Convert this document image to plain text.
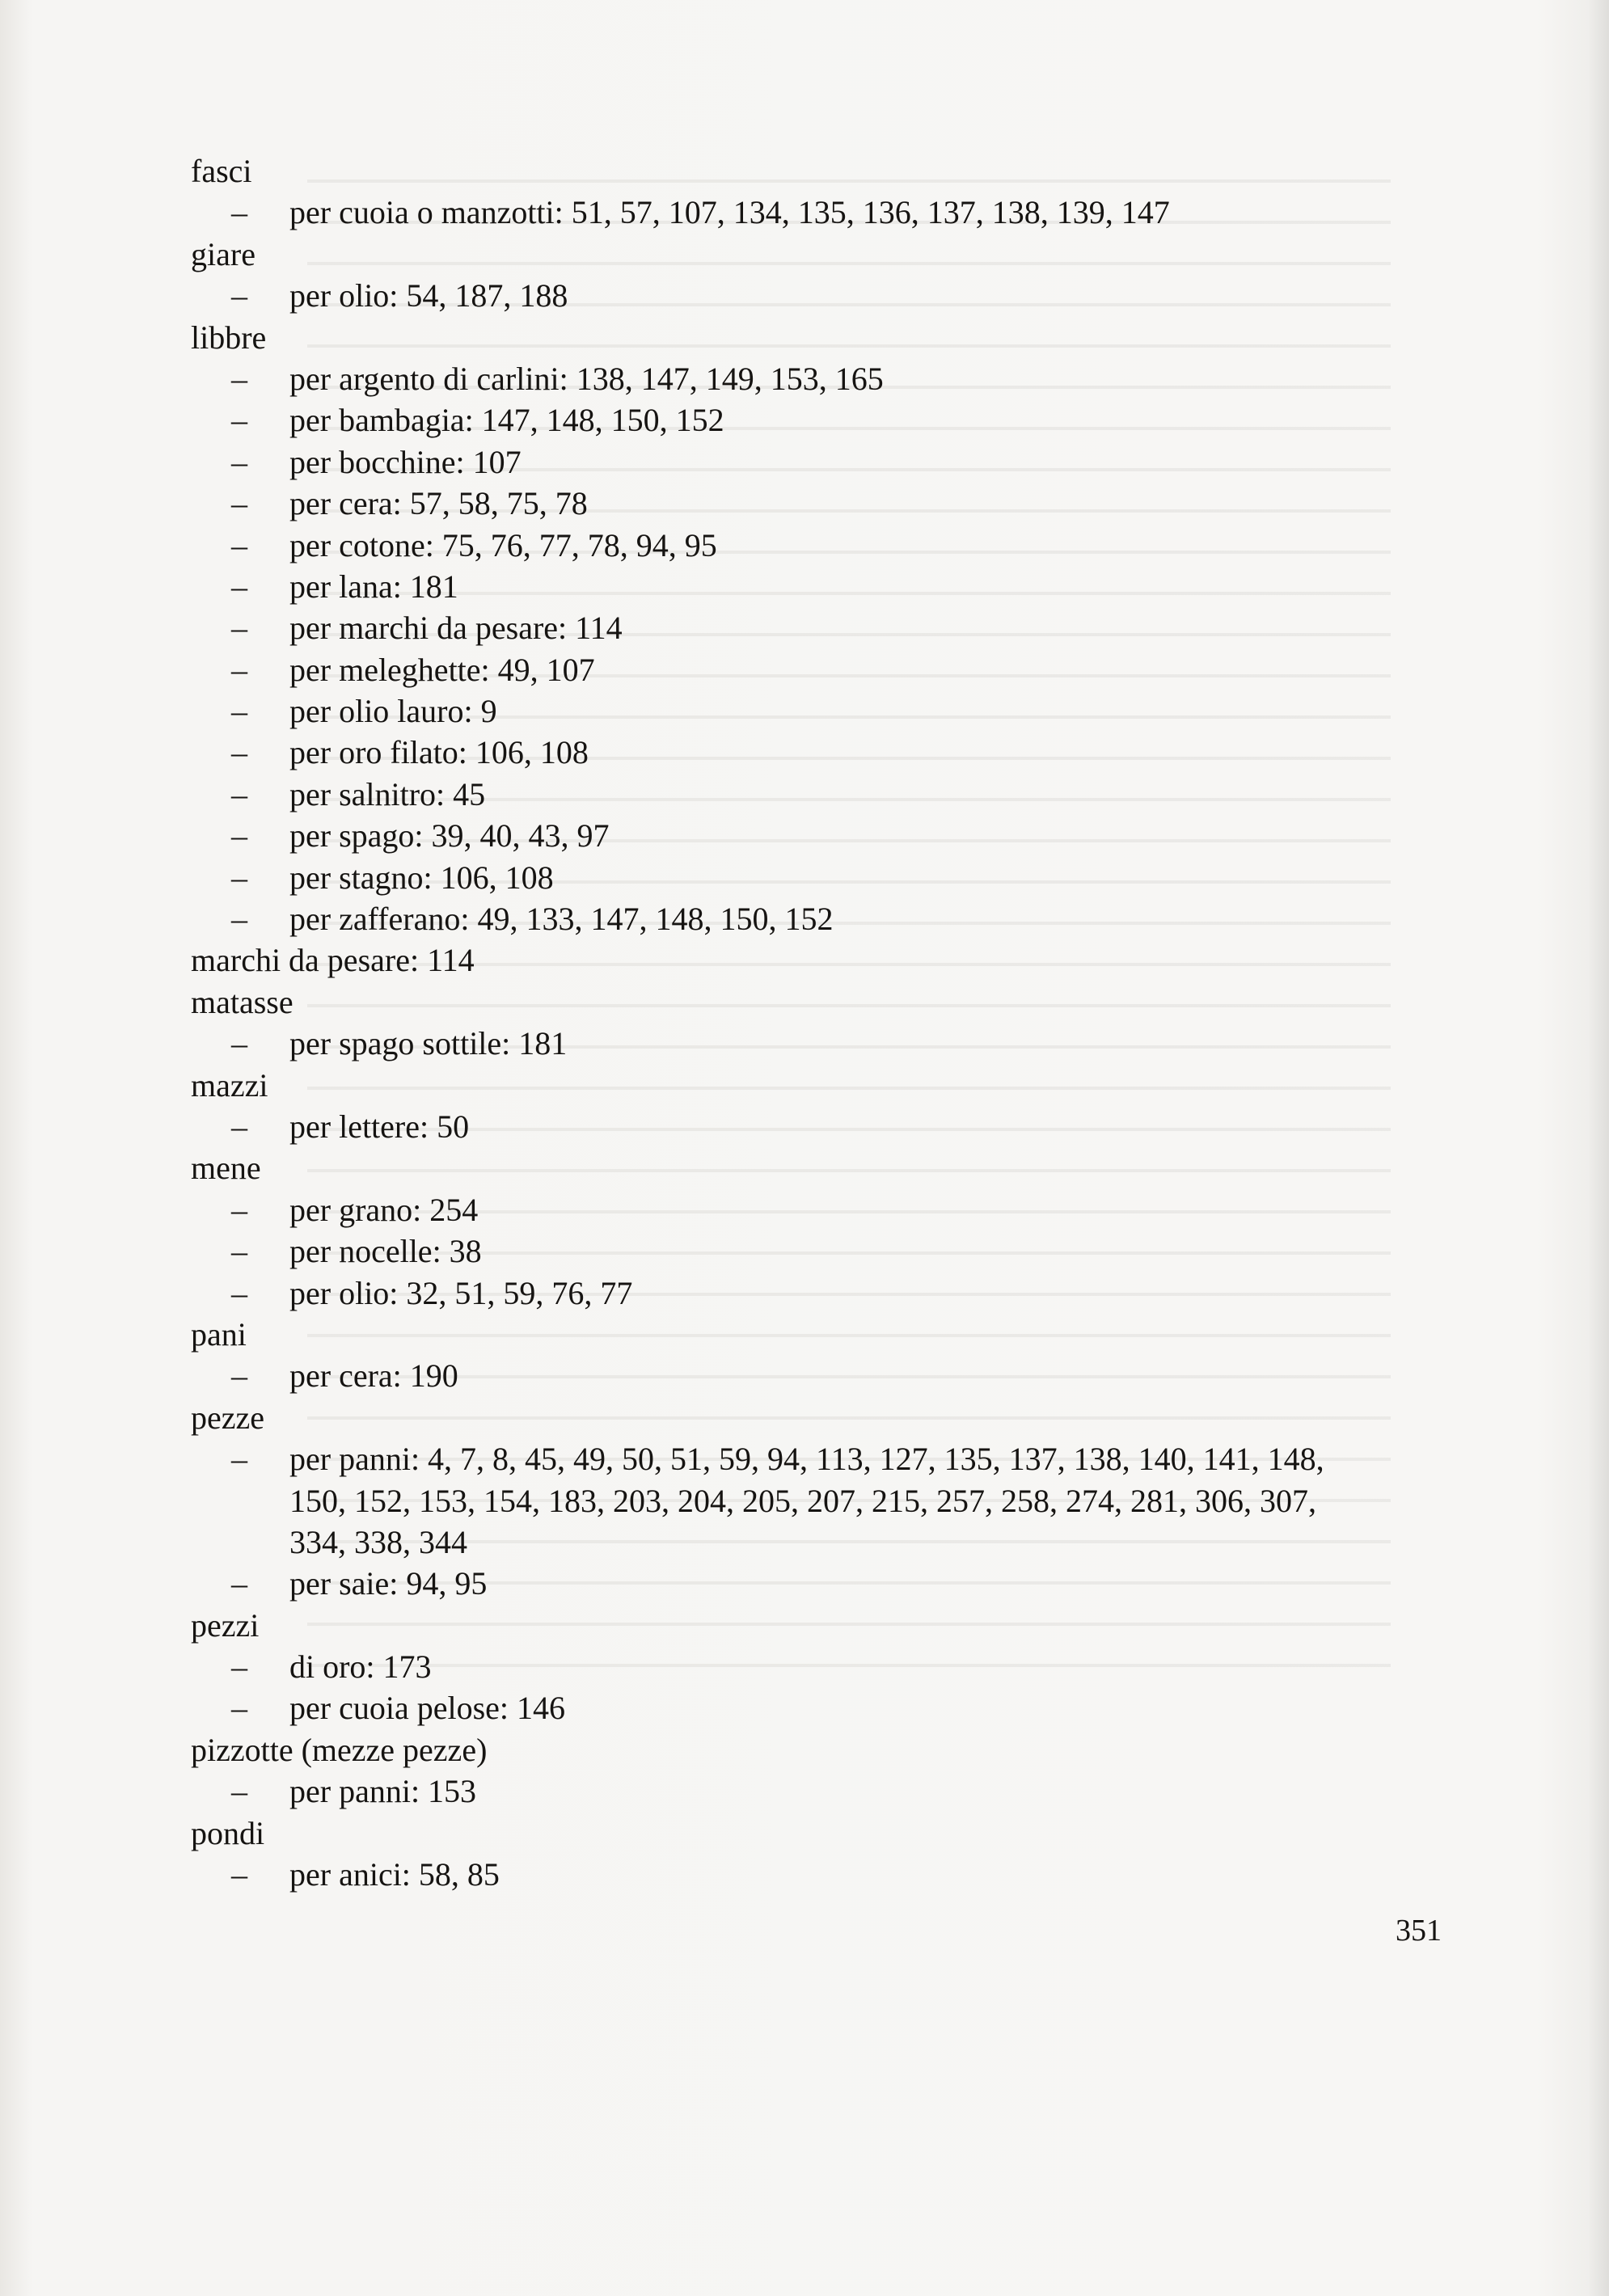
fasci
– per cuoia o manzotti: 51, 57, 107, 134, 135, 136, 137, 138, 139, 147
giare
– per olio: 54, 187, 188
libbre
– per argento di carlini: 138, 147, 149, 153, 165
– per bambagia: 147, 148, 150, 152
– per bocchine: 107
– per cera: 57, 58, 75, 78
– per cotone: 75, 76, 77, 78, 94, 95
– per lana: 181
– per marchi da pesare: 114
– per meleghette: 49, 107
– per olio lauro: 9
– per oro filato: 106, 108
– per salnitro: 45
– per spago: 39, 40, 43, 97
– per stagno: 106, 108
– per zafferano: 49, 133, 147, 148, 150, 152
marchi da pesare: 114
matasse
– per spago sottile: 181
mazzi
– per lettere: 50
mene
– per grano: 254
– per nocelle: 38
– per olio: 32, 51, 59, 76, 77
pani
– per cera: 190
pezze
– per panni: 4, 7, 8, 45, 49, 50, 51, 59, 94, 113, 127, 135, 137, 138, 140, 141, 148,
150, 152, 153, 154, 183, 203, 204, 205, 207, 215, 257, 258, 274, 281, 306, 307,
334, 338, 344
– per saie: 94, 95
pezzi
– di oro: 173
– per cuoia pelose: 146
pizzotte (mezze pezze)
– per panni: 153
pondi
– per anici: 58, 85
351
